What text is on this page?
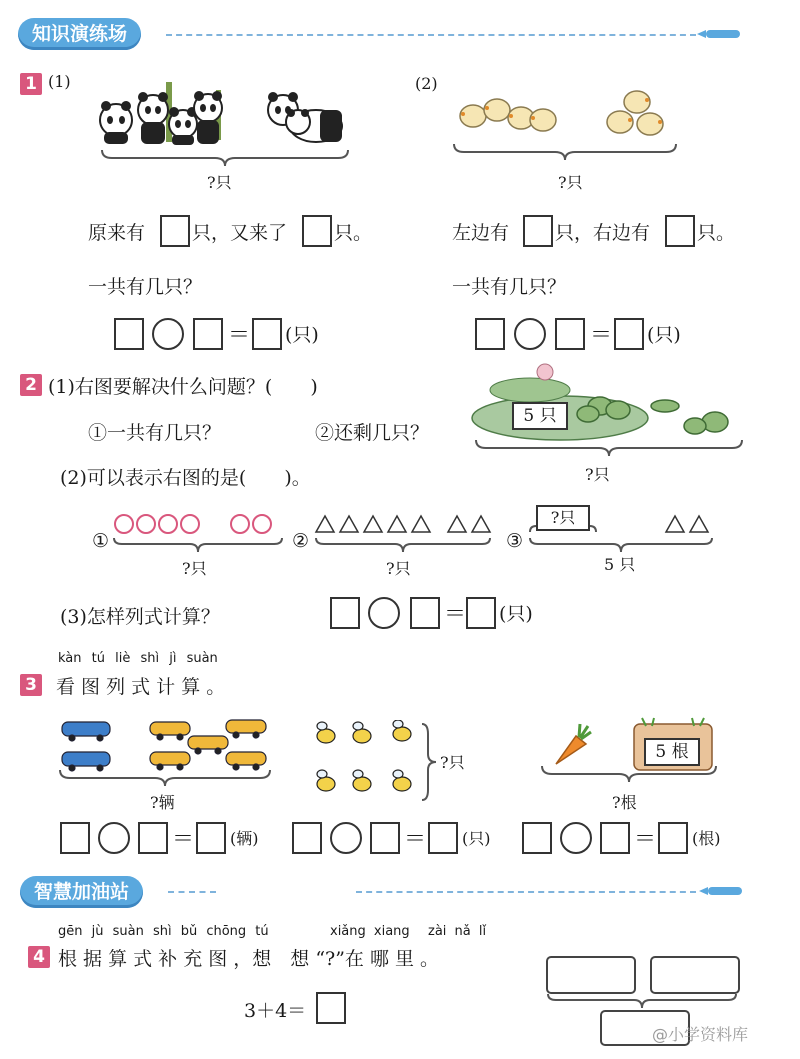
知识演练场
1 (1)	(2)
?只	?只
原来有 只，又来了 只。	左边有 只，右边有 只。
一共有几只？	一共有几只？
＝ (只)	＝ (只)
2 (1)右图要解决什么问题？(　　)
①一共有几只？	②还剩几只？
5 只
?只
(2)可以表示右图的是(　　)。
①
?只
②
?只
③
?只
5 只
(3)怎样列式计算？	＝ (只)
kàn tú liè shì jì suàn
3 看 图 列 式 计 算 。
?辆
?只
5 根
?根
＝ (辆)	＝ (只)	＝ (根)
智慧加油站
gēn jù suàn shì bǔ chōng tú	xiǎng xiang zài nǎ lǐ
4 根 据 算 式 补 充 图 ，想　想 “?”在 哪 里 。
3＋4＝
@小学资料库
